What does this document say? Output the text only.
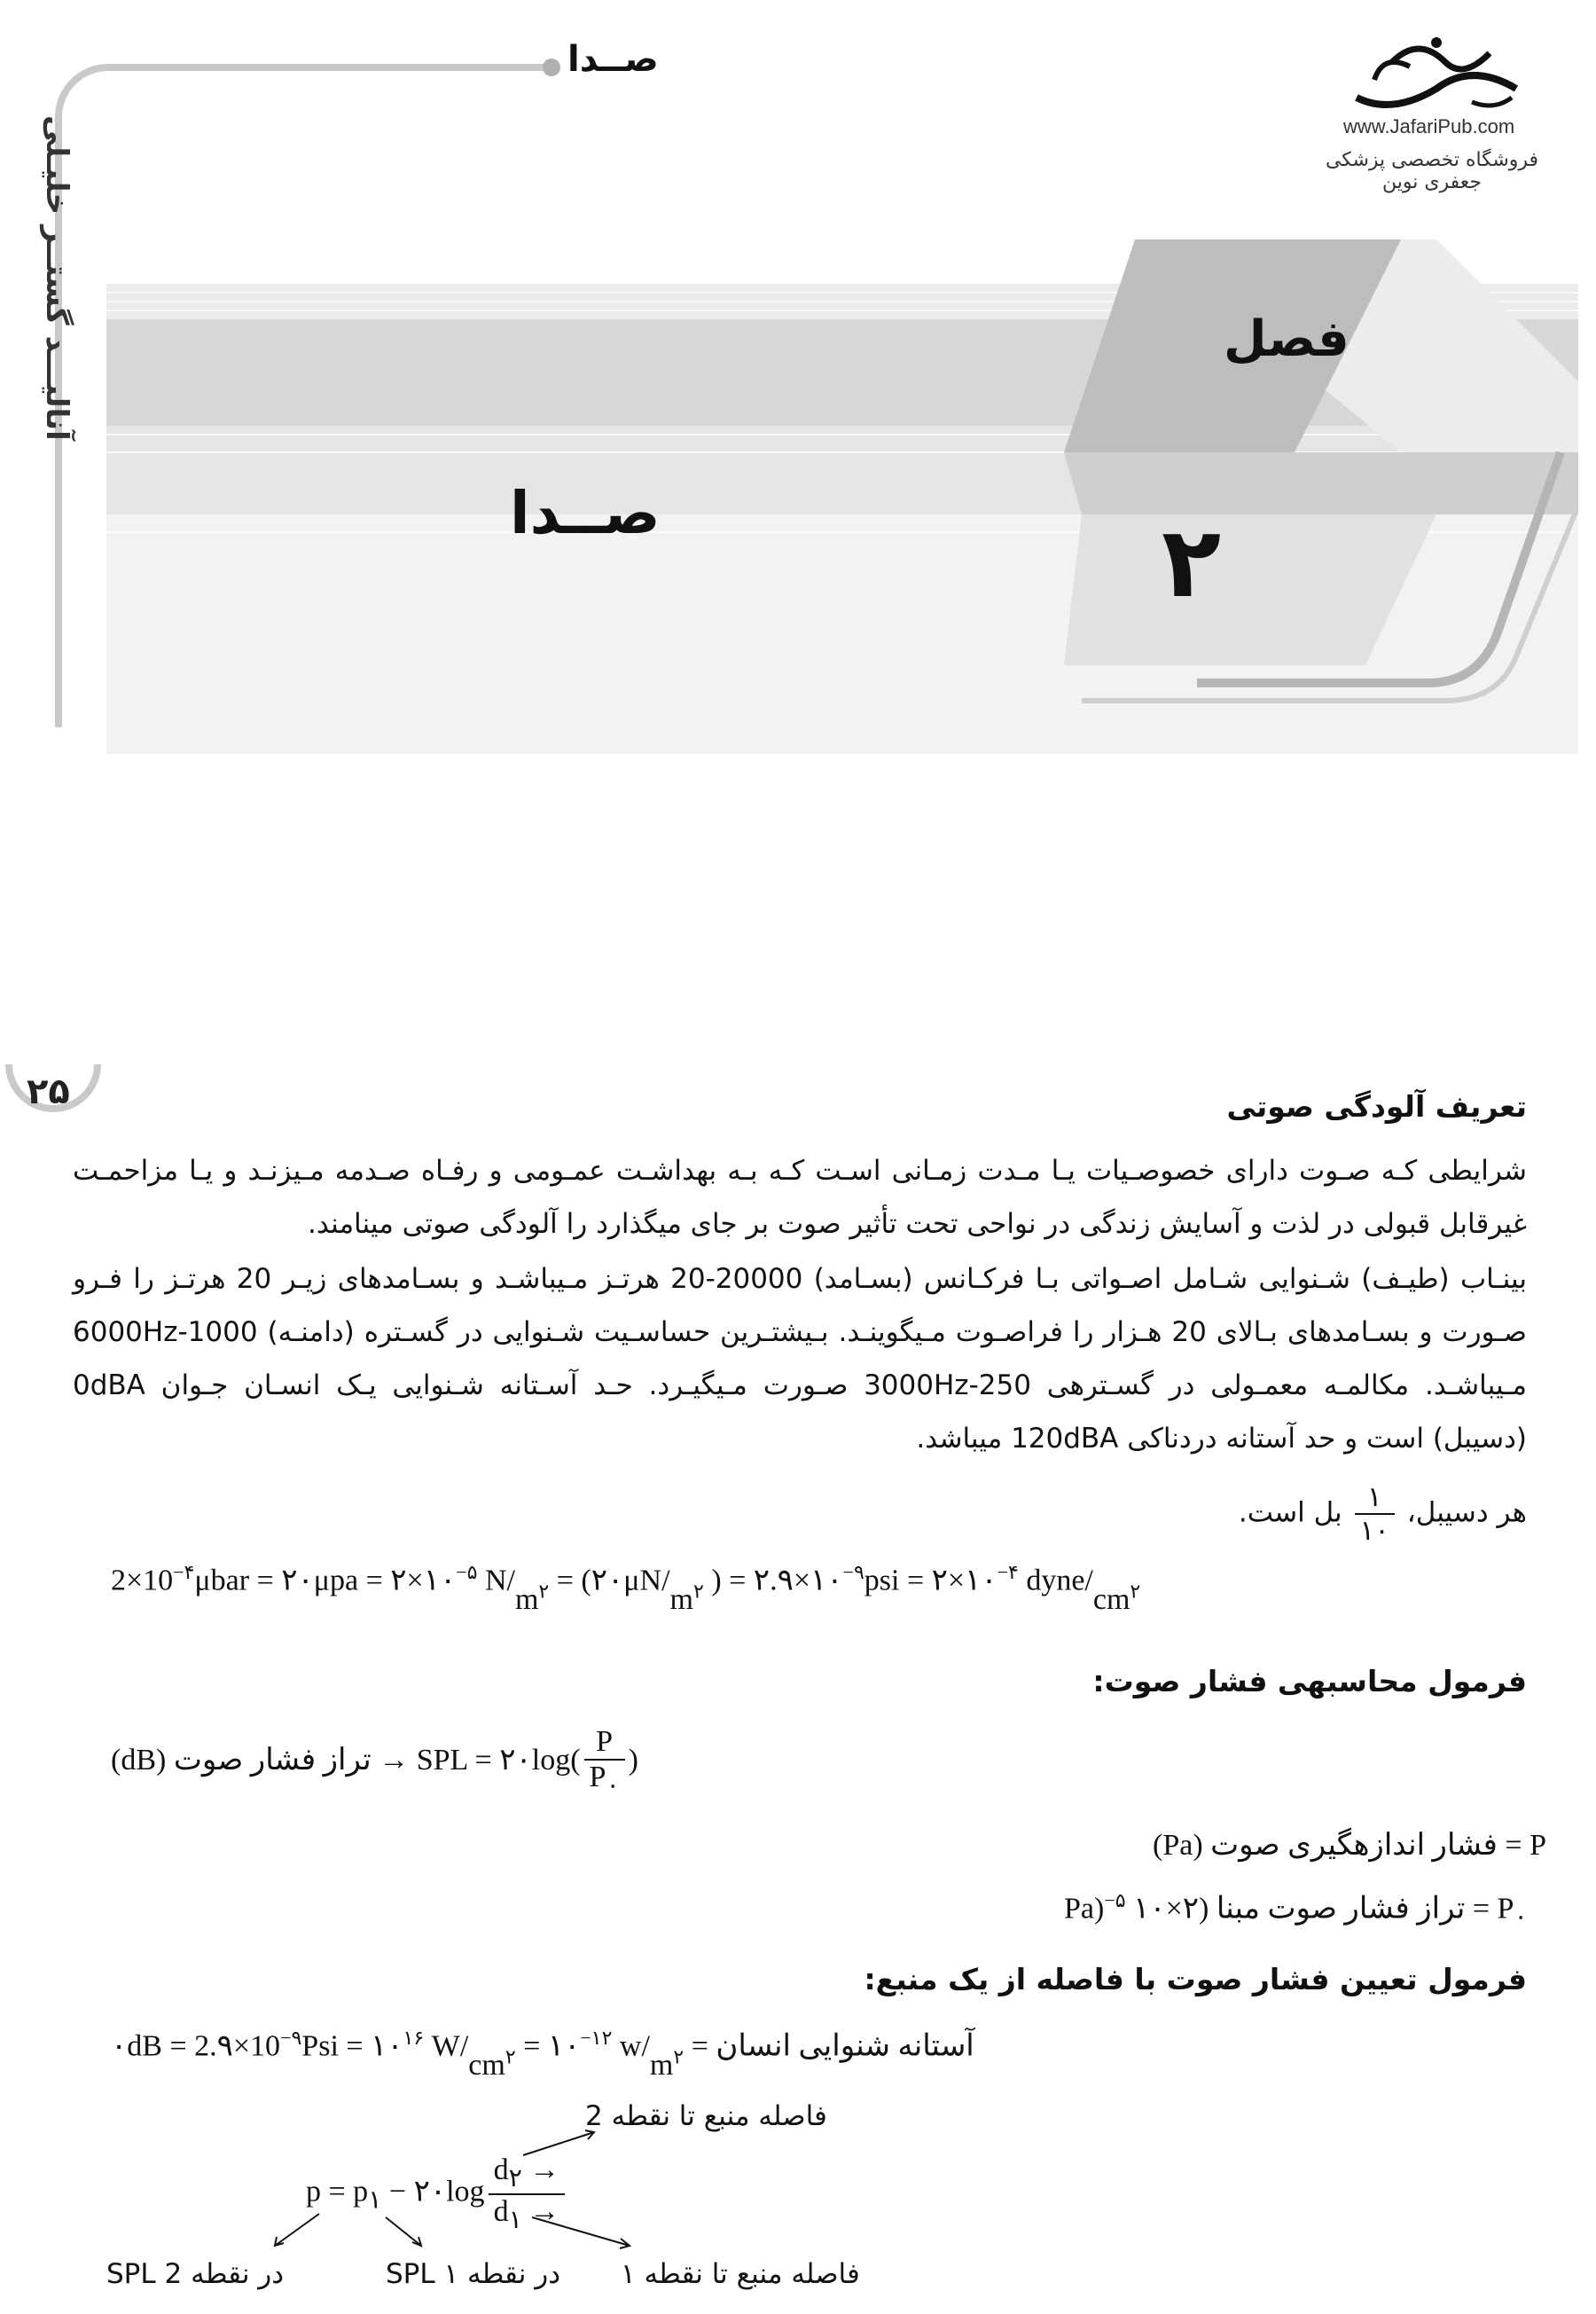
صــدا
آنالیـــد گستــر خلیـلی
۲۵
www.JafariPub.com
فروشگاه تخصصی پزشکی جعفری نوین
فصل
۲
صــدا
تعریف آلودگی صوتی
شرایطی کـه صـوت دارای خصوصـیات یـا مـدت زمـانی اسـت کـه بـه بهداشـت عمـومی و رفـاه صـدمه مـیزنـد و یـا مزاحمـت غیرقابل قبولی در لذت و آسایش زندگی در نواحی تحت تأثیر صوت بر جای میگذارد را آلودگی صوتی مینامند.
بینـاب (طیـف) شـنوایی شـامل اصـواتی بـا فرکـانس (بسـامد) 20000-20 هرتـز مـیباشـد و بسـامدهای زیـر 20 هرتـز را فـرو صـورت و بسـامدهای بـالای 20 هـزار را فراصـوت مـیگوینـد. بـیشتـرین حساسـیت شـنوایی در گسـتره (دامنـه) 1000-6000Hz مـیباشـد. مکالمـه معمـولی در گسـترهی 250-3000Hz صـورت مـیگیـرد. حـد آسـتانه شـنوایی یـک انسـان جـوان 0dBA (دسیبل) است و حد آستانه دردناکی 120dBA میباشد.
هر دسیبل،
$\frac{۱}{۱۰}$
بل است.
$2\times 10^{-۴}\mu bar$ = ۲۰μpa = $۲\times ۱۰^{-۵}$ $N/m^۲$ = ($۲۰\mu N/m^۲$ ) = $۲.۹\times ۱۰^{-۹}psi$ = $۲\times ۱۰^{-۴}$ dyne/$cm^۲$
فرمول محاسبهی فشار صوت:
تراز فشار صوت (dB) → SPL = ۲۰log( $\frac{P}{P_۰}$ )
= فشار اندازهگیری صوت (Pa) P
Pa)$^{-۵}$ = تراز فشار صوت مبنا (۲×۱۰ $P_۰$
فرمول تعیین فشار صوت با فاصله از یک منبع:
۰dB = $2.۹\times 10^{-۹}Psi$ = $۱۰^{۱۶}$ $W/cm^۲$ = $۱۰^{-۱۲}$ $w/m^۲$ آستانه شنوایی انسان =
فاصله منبع تا نقطه 2
$p = p_۱$ − ۲۰log $\frac{d_۲ \to}{d_۱ \to}$
SPL در نقطه 2	SPL در نقطه ۱ فاصله منبع تا نقطه ۱
